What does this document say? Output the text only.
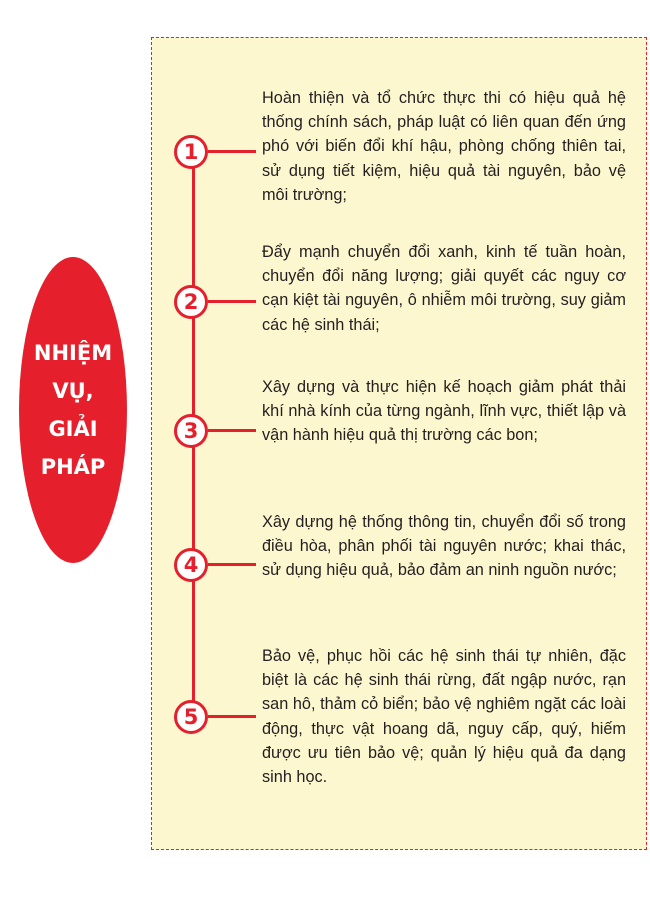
NHIỆM VỤ,
GIẢI
PHÁP
1
Hoàn thiện và tổ chức thực thi có hiệu quả hệ thống chính sách, pháp luật có liên quan đến ứng phó với biến đổi khí hậu, phòng chống thiên tai, sử dụng tiết kiệm, hiệu quả tài nguyên, bảo vệ môi trường;
2
Đẩy mạnh chuyển đổi xanh, kinh tế tuần hoàn, chuyển đổi năng lượng; giải quyết các nguy cơ cạn kiệt tài nguyên, ô nhiễm môi trường, suy giảm các hệ sinh thái;
3
Xây dựng và thực hiện kế hoạch giảm phát thải khí nhà kính của từng ngành, lĩnh vực, thiết lập và vận hành hiệu quả thị trường các bon;
4
Xây dựng hệ thống thông tin, chuyển đổi số trong điều hòa, phân phối tài nguyên nước; khai thác, sử dụng hiệu quả, bảo đảm an ninh nguồn nước;
5
Bảo vệ, phục hồi các hệ sinh thái tự nhiên, đặc biệt là các hệ sinh thái rừng, đất ngập nước, rạn san hô, thảm cỏ biển; bảo vệ nghiêm ngặt các loài động, thực vật hoang dã, nguy cấp, quý, hiếm được ưu tiên bảo vệ; quản lý hiệu quả đa dạng sinh học.
